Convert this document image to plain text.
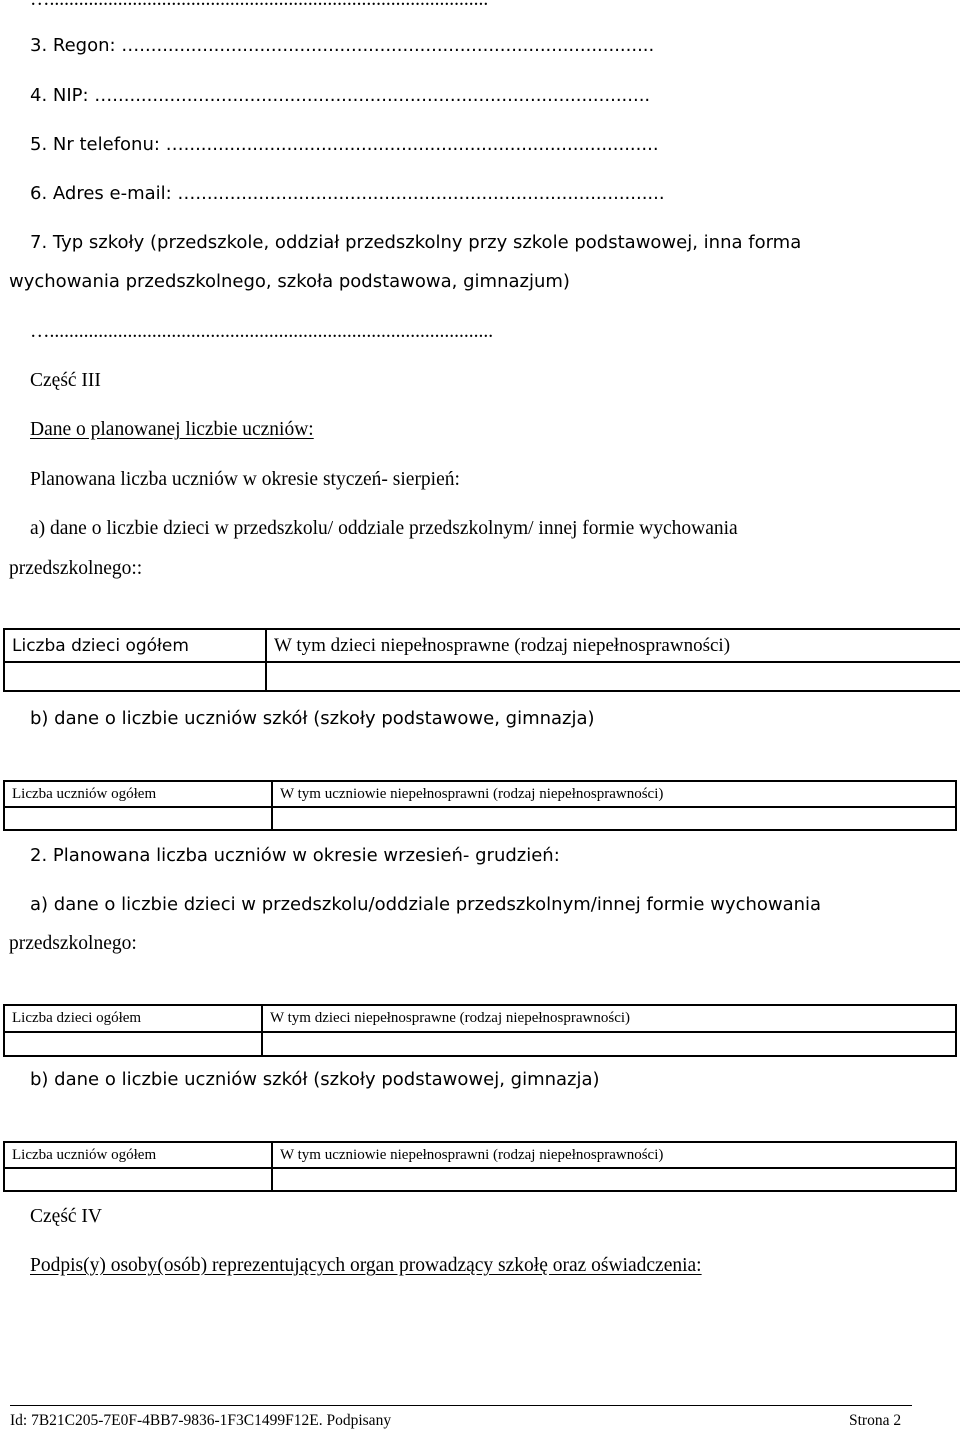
3. Regon: …..........................................................................................
4. NIP: …..............................................................................................
5. Nr telefonu: …...................................................................................
6. Adres e-mail: …..................................................................................
7. Typ szkoły (przedszkole, oddział przedszkolny przy szkole podstawowej, inna forma
wychowania przedszkolnego, szkoła podstawowa, gimnazjum)
…...........................................................................................
Część III
Dane o planowanej liczbie uczniów:
Planowana liczba uczniów w okresie styczeń- sierpień:
a) dane o liczbie dzieci w przedszkolu/ oddziale przedszkolnym/ innej formie wychowania
przedszkolnego::
Liczba dzieci ogółem	W tym dzieci niepełnosprawne (rodzaj niepełnosprawności)

b) dane o liczbie uczniów szkół (szkoły podstawowe, gimnazja)
Liczba uczniów ogółem	W tym uczniowie niepełnosprawni (rodzaj niepełnosprawności)

2. Planowana liczba uczniów w okresie wrzesień- grudzień:
a) dane o liczbie dzieci w przedszkolu/oddziale przedszkolnym/innej formie wychowania
przedszkolnego:
Liczba dzieci ogółem	W tym dzieci niepełnosprawne (rodzaj niepełnosprawności)

b) dane o liczbie uczniów szkół (szkoły podstawowej, gimnazja)
Liczba uczniów ogółem	W tym uczniowie niepełnosprawni (rodzaj niepełnosprawności)

Część IV
Podpis(y) osoby(osób) reprezentujących organ prowadzący szkołę oraz oświadczenia:
Id: 7B21C205-7E0F-4BB7-9836-1F3C1499F12E. Podpisany	Strona 2
